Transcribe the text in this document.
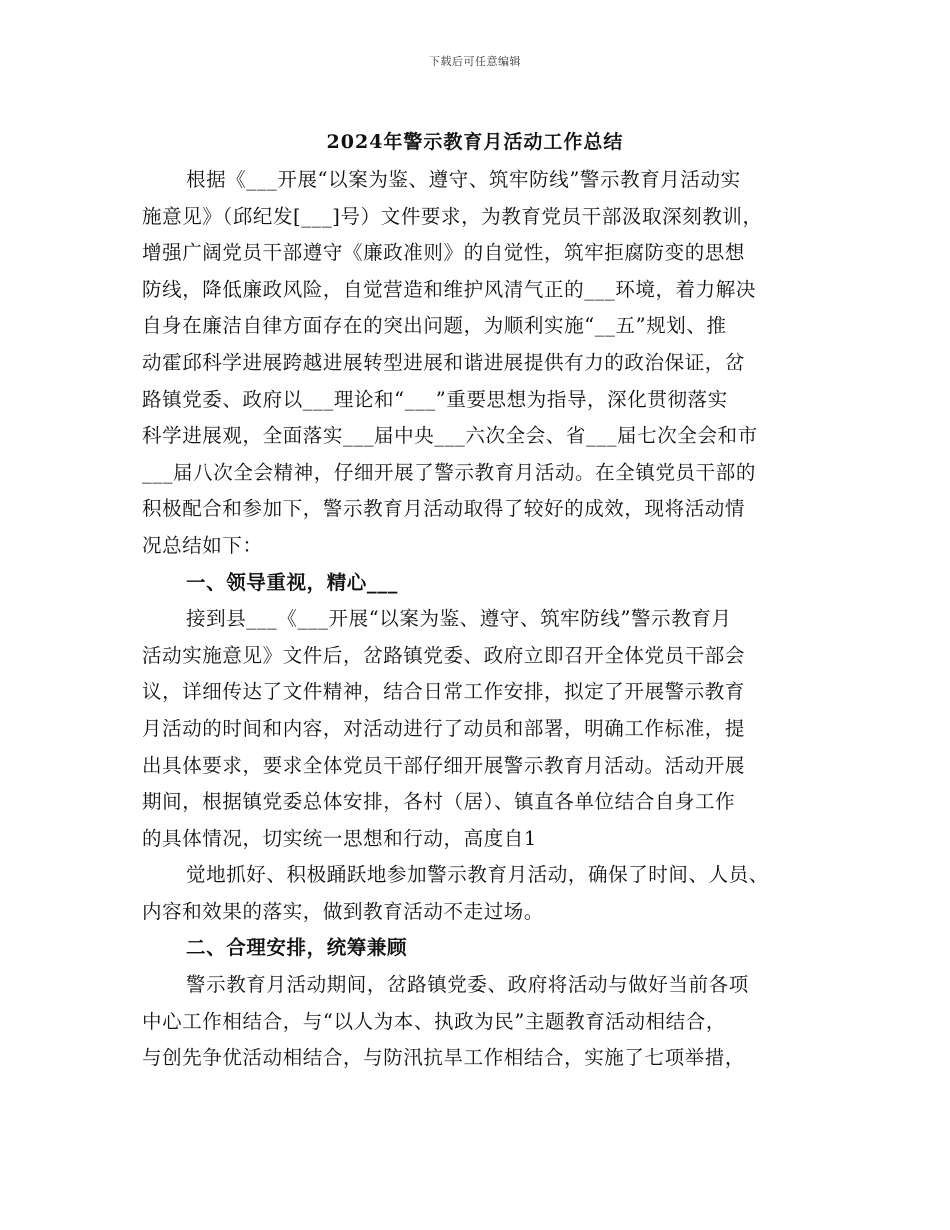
下载后可任意编辑
2024年警示教育月活动工作总结
根据《___开展“以案为鉴、遵守、筑牢防线”警示教育月活动实
施意见》（邱纪发[___]号）文件要求，为教育党员干部汲取深刻教训，
增强广阔党员干部遵守《廉政准则》的自觉性，筑牢拒腐防变的思想
防线，降低廉政风险，自觉营造和维护风清气正的___环境，着力解决
自身在廉洁自律方面存在的突出问题，为顺利实施“__五”规划、推
动霍邱科学进展跨越进展转型进展和谐进展提供有力的政治保证，岔
路镇党委、政府以___理论和“___”重要思想为指导，深化贯彻落实
科学进展观，全面落实___届中央___六次全会、省___届七次全会和市
___届八次全会精神，仔细开展了警示教育月活动。在全镇党员干部的
积极配合和参加下，警示教育月活动取得了较好的成效，现将活动情
况总结如下：
一、领导重视，精心___
接到县___《___开展“以案为鉴、遵守、筑牢防线”警示教育月
活动实施意见》文件后，岔路镇党委、政府立即召开全体党员干部会
议，详细传达了文件精神，结合日常工作安排，拟定了开展警示教育
月活动的时间和内容，对活动进行了动员和部署，明确工作标准，提
出具体要求，要求全体党员干部仔细开展警示教育月活动。活动开展
期间，根据镇党委总体安排，各村（居）、镇直各单位结合自身工作
的具体情况，切实统一思想和行动，高度自1
觉地抓好、积极踊跃地参加警示教育月活动，确保了时间、人员、
内容和效果的落实，做到教育活动不走过场。
二、合理安排，统筹兼顾
警示教育月活动期间，岔路镇党委、政府将活动与做好当前各项
中心工作相结合，与“以人为本、执政为民”主题教育活动相结合，
与创先争优活动相结合，与防汛抗旱工作相结合，实施了七项举措，
